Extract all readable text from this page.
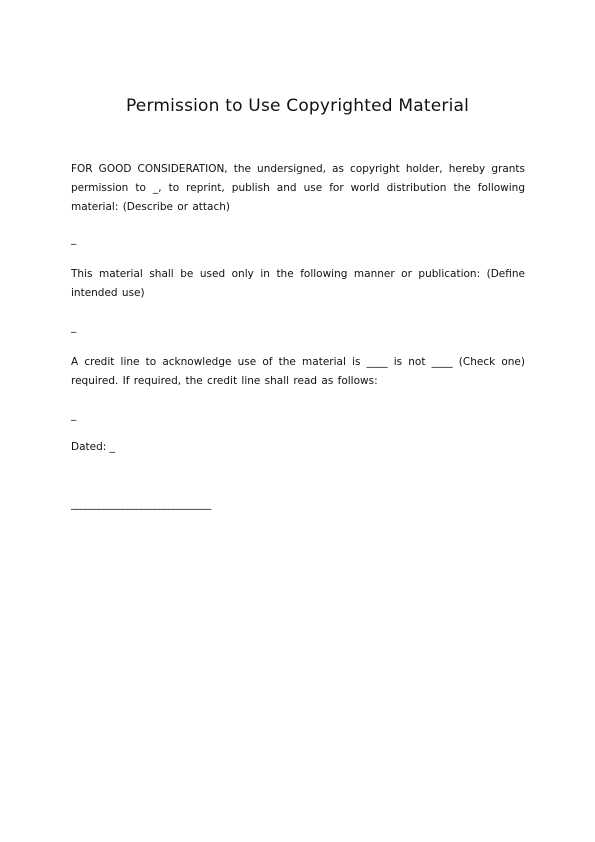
Permission to Use Copyrighted Material

FOR GOOD CONSIDERATION, the undersigned, as copyright holder, hereby grants permission to _, to reprint, publish and use for world distribution the following material: (Describe or attach)

_

This material shall be used only in the following manner or publication: (Define intended use)

_

A credit line to acknowledge use of the material is ____ is not ____ (Check one) required. If required, the credit line shall read as follows:

_

Dated: _

______________________________
